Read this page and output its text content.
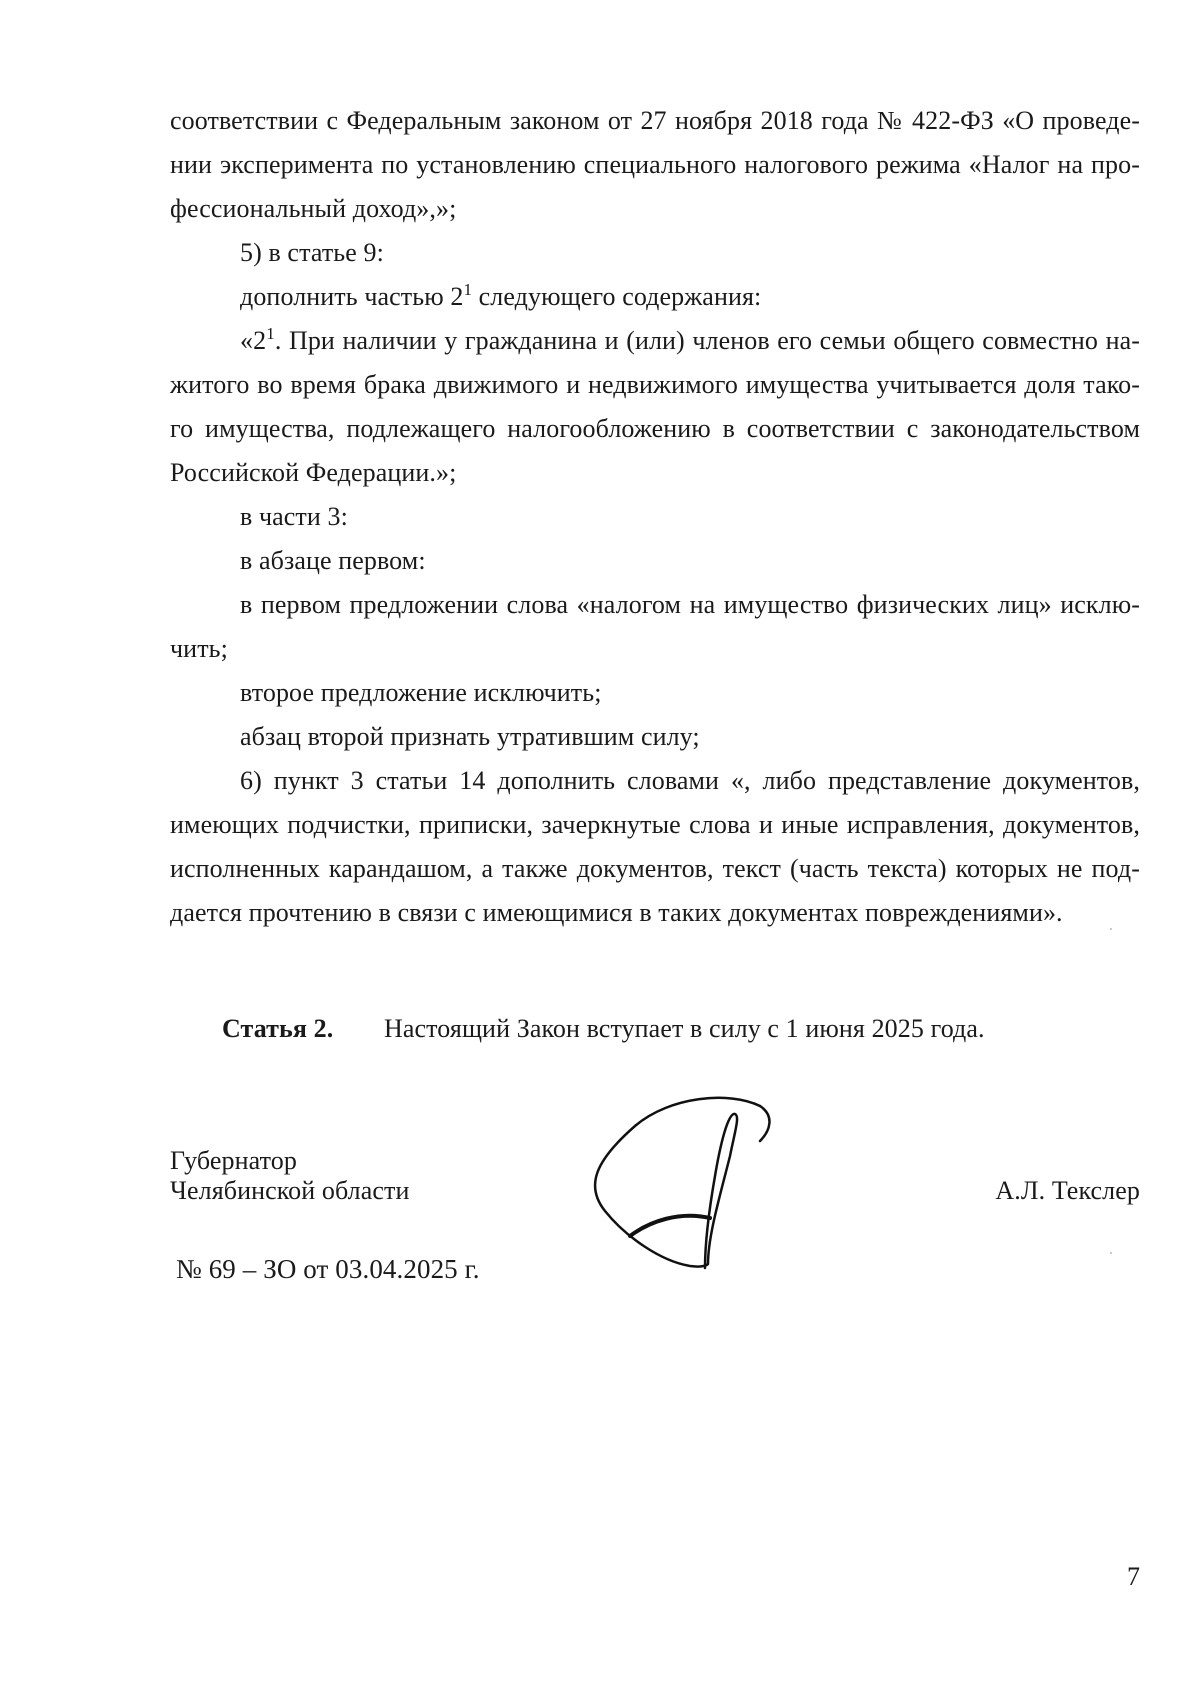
соответствии с Федеральным законом от 27 ноября 2018 года № 422-ФЗ «О проведе-
нии эксперимента по установлению специального налогового режима «Налог на про-
фессиональный доход»,»;
5) в статье 9:
дополнить частью $2^1$ следующего содержания:
«$2^1$. При наличии у гражданина и (или) членов его семьи общего совместно на-
житого во время брака движимого и недвижимого имущества учитывается доля тако-
го имущества, подлежащего налогообложению в соответствии с законодательством
Российской Федерации.»;
в части 3:
в абзаце первом:
в первом предложении слова «налогом на имущество физических лиц» исклю-
чить;
второе предложение исключить;
абзац второй признать утратившим силу;
6) пункт 3 статьи 14 дополнить словами «, либо представление документов,
имеющих подчистки, приписки, зачеркнутые слова и иные исправления, документов,
исполненных карандашом, а также документов, текст (часть текста) которых не под-
дается прочтению в связи с имеющимися в таких документах повреждениями».
Статья 2. Настоящий Закон вступает в силу с 1 июня 2025 года.
Губернатор
Челябинской области	А.Л. Текслер
№ 69 – ЗО от 03.04.2025 г.
7
